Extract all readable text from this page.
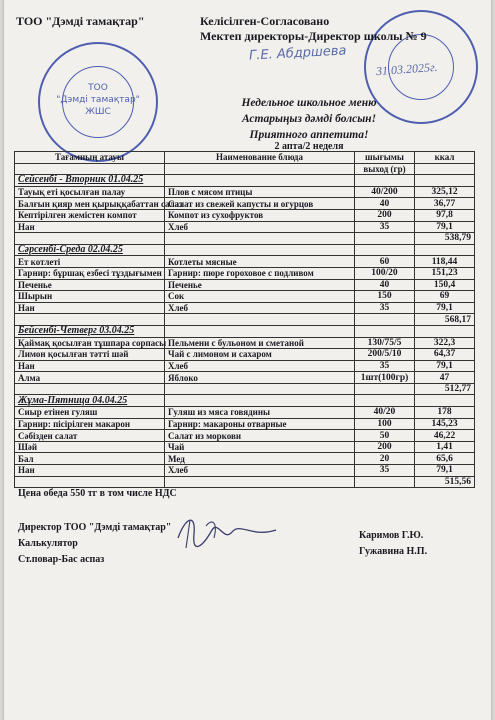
ТОО
"Дэмді тамақтар"
ЖШС
ТОО "Дэмді тамақтар"	Келісілген-Согласовано
Мектеп директоры-Директор школы № 9
Г.Е. Абдршева
31.03.2025г.
Недельное школьное меню
Астарыңыз дәмді болсын!
Приятного аппетита!
2 апта/2 неделя
Тағамның атауы	Наименование блюда	шығымы	ккал
		выход (гр)	
Сейсенбі - Вторник 01.04.25			
Тауық еті қосылған палау	Плов с мясом птицы	40/200	325,12
Балғын қияр мен қырыққабаттан салат	Салат из свежей капусты и огурцов	40	36,77
Кептірілген жемістен компот	Компот из сухофруктов	200	97,8
Нан	Хлеб	35	79,1
			538,79
Сәрсенбі-Среда 02.04.25			
Ет котлеті	Котлеты мясные	60	118,44
Гарнир: бұршақ езбесі тұздығымен	Гарнир: пюре гороховое с подливом	100/20	151,23
Печенье	Печенье	40	150,4
Шырын	Сок	150	69
Нан	Хлеб	35	79,1
			568,17
Бейсенбі-Четверг 03.04.25			
Қаймақ қосылған тұшпара сорпасы	Пельмени с бульоном и сметаной	130/75/5	322,3
Лимон қосылған тәтті шәй	Чай с лимоном и сахаром	200/5/10	64,37
Нан	Хлеб	35	79,1
Алма	Яблоко	1шт(100гр)	47
			512,77
Жұма-Пятница 04.04.25			
Сиыр етінен гуляш	Гуляш из мяса говядины	40/20	178
Гарнир: пісірілген макарон	Гарнир: макароны отварные	100	145,23
Сәбізден салат	Салат из моркови	50	46,22
Шәй	Чай	200	1,41
Бал	Мед	20	65,6
Нан	Хлеб	35	79,1
			515,56
Цена обеда 550 тг в том числе НДС
Директор ТОО "Дэмді тамақтар"
Калькулятор
Ст.повар-Бас аспаз
Каримов Г.Ю.
Гужавина Н.П.
